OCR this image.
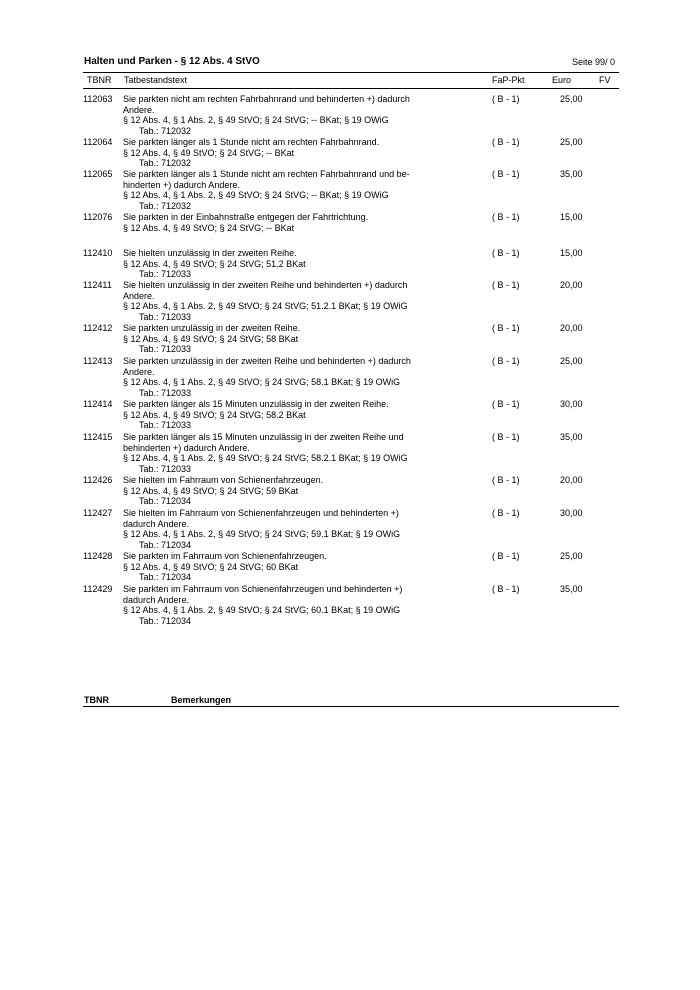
Halten und Parken - § 12 Abs. 4 StVO	Seite 99/ 0
TBNR Tatbestandstext	FaP-Pkt	Euro	FV
112063 Sie parkten nicht am rechten Fahrbahnrand und behinderten +) dadurch Andere.
§ 12 Abs. 4, § 1 Abs. 2, § 49 StVO; § 24 StVG; -- BKat; § 19 OWiG
Tab.: 712032
( B - 1)	25,00
112064 Sie parkten länger als 1 Stunde nicht am rechten Fahrbahnrand.
§ 12 Abs. 4, § 49 StVO; § 24 StVG; -- BKat
Tab.: 712032
( B - 1)	25,00
112065 Sie parkten länger als 1 Stunde nicht am rechten Fahrbahnrand und be-hinderten +) dadurch Andere.
§ 12 Abs. 4, § 1 Abs. 2, § 49 StVO; § 24 StVG; -- BKat; § 19 OWiG
Tab.: 712032
( B - 1)	35,00
112076 Sie parkten in der Einbahnstraße entgegen der Fahrtrichtung.
§ 12 Abs. 4, § 49 StVO; § 24 StVG; -- BKat
( B - 1)	15,00
112410 Sie hielten unzulässig in der zweiten Reihe.
§ 12 Abs. 4, § 49 StVO; § 24 StVG; 51.2 BKat
Tab.: 712033
( B - 1)	15,00
112411 Sie hielten unzulässig in der zweiten Reihe und behinderten +) dadurch Andere.
§ 12 Abs. 4, § 1 Abs. 2, § 49 StVO; § 24 StVG; 51.2.1 BKat; § 19 OWiG
Tab.: 712033
( B - 1)	20,00
112412 Sie parkten unzulässig in der zweiten Reihe.
§ 12 Abs. 4, § 49 StVO; § 24 StVG; 58 BKat
Tab.: 712033
( B - 1)	20,00
112413 Sie parkten unzulässig in der zweiten Reihe und behinderten +) dadurch Andere.
§ 12 Abs. 4, § 1 Abs. 2, § 49 StVO; § 24 StVG; 58.1 BKat; § 19 OWiG
Tab.: 712033
( B - 1)	25,00
112414 Sie parkten länger als 15 Minuten unzulässig in der zweiten Reihe.
§ 12 Abs. 4, § 49 StVO; § 24 StVG; 58.2 BKat
Tab.: 712033
( B - 1)	30,00
112415 Sie parkten länger als 15 Minuten unzulässig in der zweiten Reihe und behinderten +) dadurch Andere.
§ 12 Abs. 4, § 1 Abs. 2, § 49 StVO; § 24 StVG; 58.2.1 BKat; § 19 OWiG
Tab.: 712033
( B - 1)	35,00
112426 Sie hielten im Fahrraum von Schienenfahrzeugen.
§ 12 Abs. 4, § 49 StVO; § 24 StVG; 59 BKat
Tab.: 712034
( B - 1)	20,00
112427 Sie hielten im Fahrraum von Schienenfahrzeugen und behinderten +) dadurch Andere.
§ 12 Abs. 4, § 1 Abs. 2, § 49 StVO; § 24 StVG; 59.1 BKat; § 19 OWiG
Tab.: 712034
( B - 1)	30,00
112428 Sie parkten im Fahrraum von Schienenfahrzeugen.
§ 12 Abs. 4, § 49 StVO; § 24 StVG; 60 BKat
Tab.: 712034
( B - 1)	25,00
112429 Sie parkten im Fahrraum von Schienenfahrzeugen und behinderten +) dadurch Andere.
§ 12 Abs. 4, § 1 Abs. 2, § 49 StVO; § 24 StVG; 60.1 BKat; § 19 OWiG
Tab.: 712034
( B - 1)	35,00
TBNR	Bemerkungen
